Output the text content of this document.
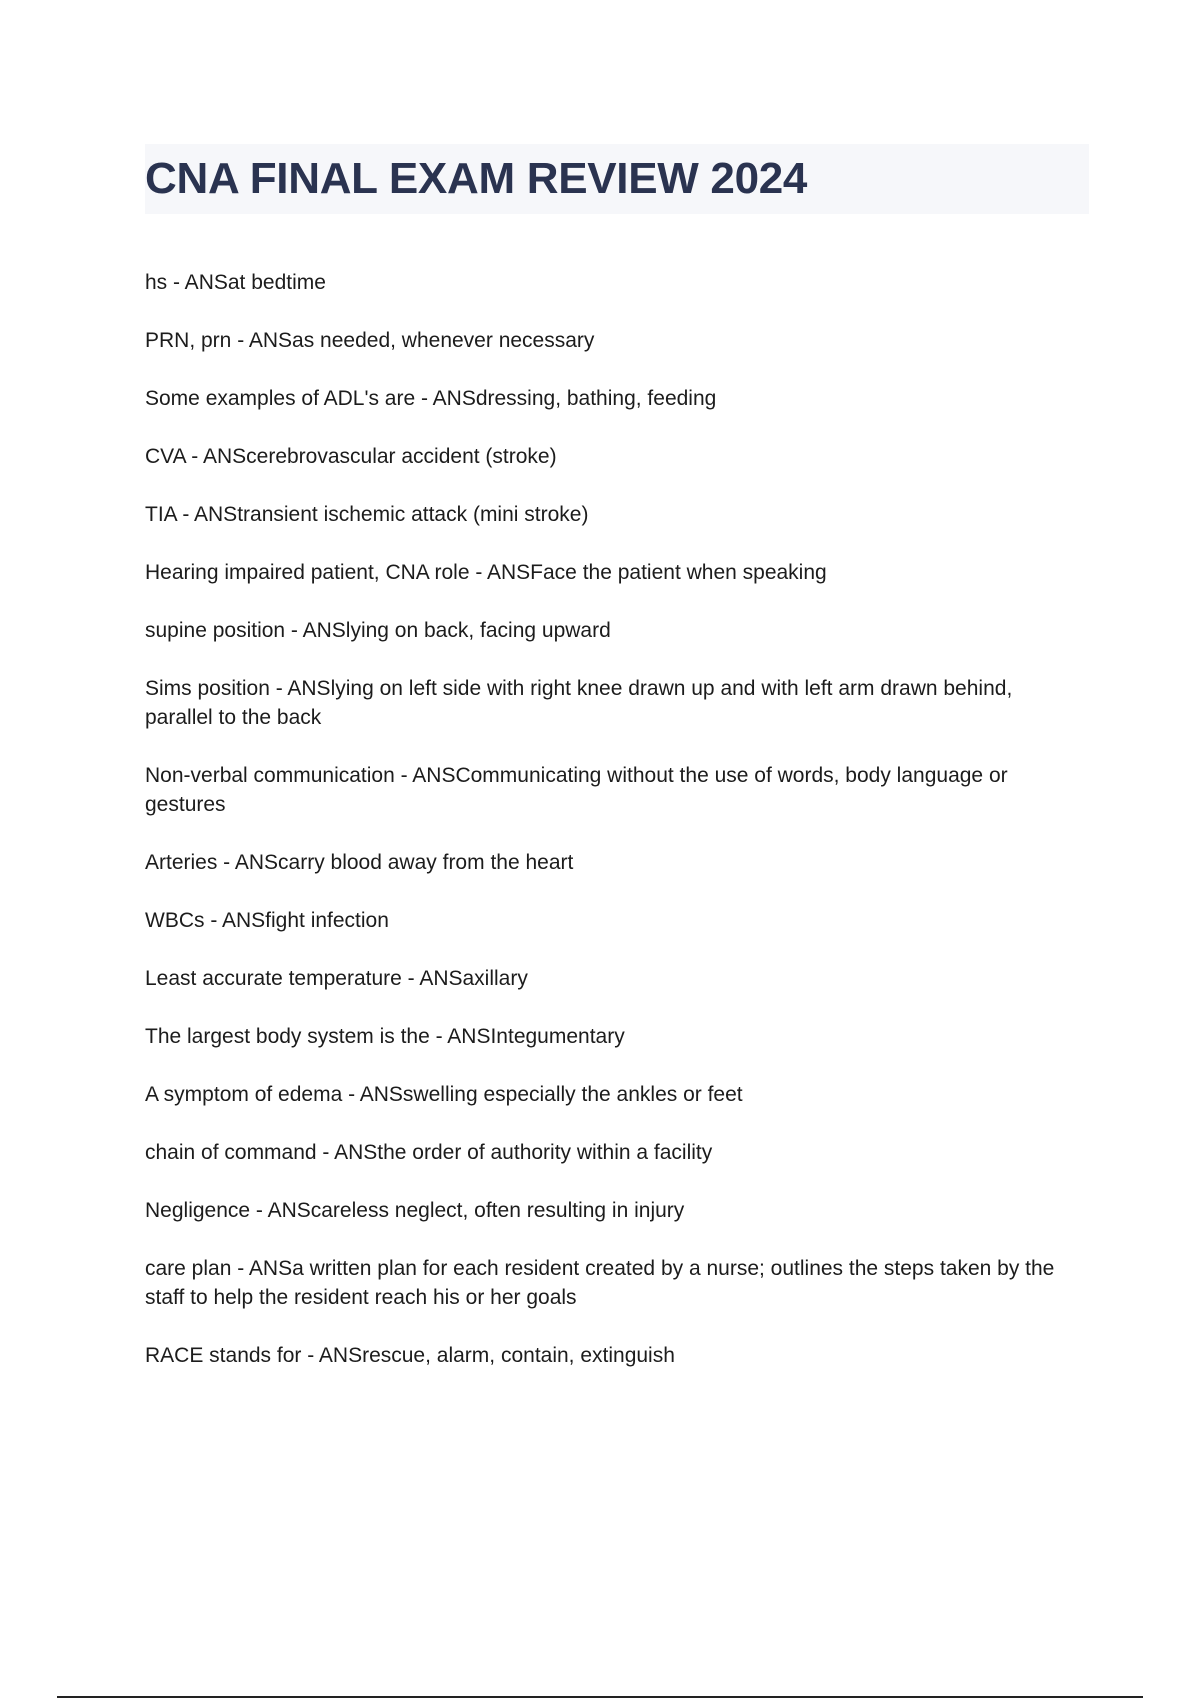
CNA FINAL EXAM REVIEW 2024
hs - ANSat bedtime
PRN, prn - ANSas needed, whenever necessary
Some examples of ADL's are - ANSdressing, bathing, feeding
CVA - ANScerebrovascular accident (stroke)
TIA - ANStransient ischemic attack (mini stroke)
Hearing impaired patient, CNA role - ANSFace the patient when speaking
supine position - ANSlying on back, facing upward
Sims position - ANSlying on left side with right knee drawn up and with left arm drawn behind, parallel to the back
Non-verbal communication - ANSCommunicating without the use of words, body language or gestures
Arteries - ANScarry blood away from the heart
WBCs - ANSfight infection
Least accurate temperature - ANSaxillary
The largest body system is the - ANSIntegumentary
A symptom of edema - ANSswelling especially the ankles or feet
chain of command - ANSthe order of authority within a facility
Negligence - ANScareless neglect, often resulting in injury
care plan - ANSa written plan for each resident created by a nurse; outlines the steps taken by the staff to help the resident reach his or her goals
RACE stands for - ANSrescue, alarm, contain, extinguish
